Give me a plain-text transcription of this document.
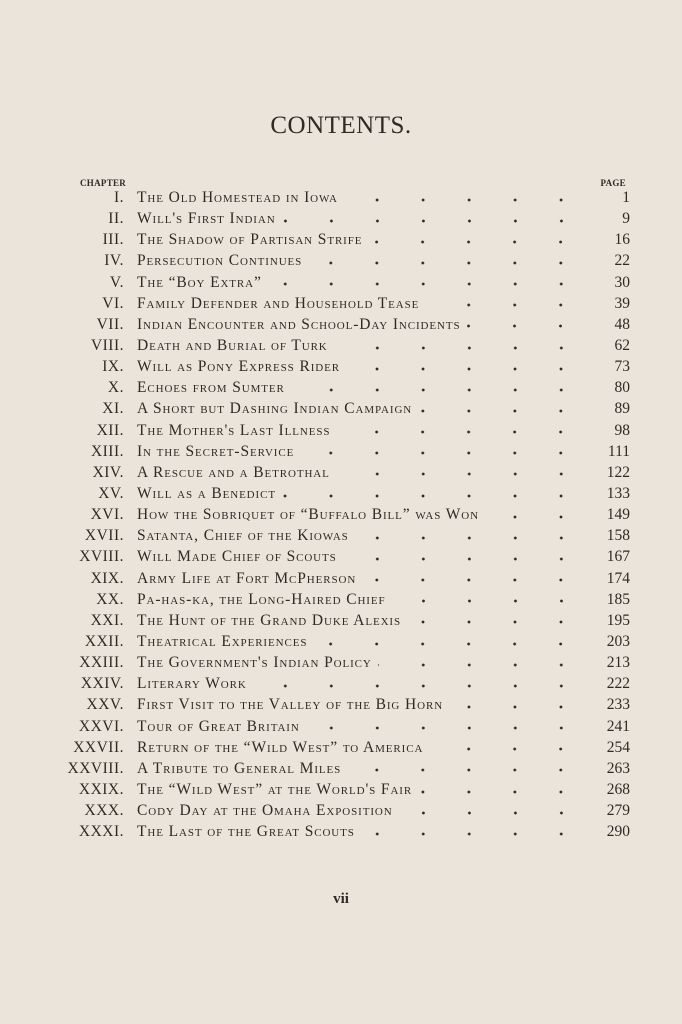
CONTENTS.
CHAPTER	PAGE
I. The Old Homestead in Iowa	1
II. Will's First Indian	9
III. The Shadow of Partisan Strife	16
IV. Persecution Continues	22
V. The “Boy Extra”	30
VI. Family Defender and Household Tease	39
VII. Indian Encounter and School-Day Incidents	48
VIII. Death and Burial of Turk	62
IX. Will as Pony Express Rider	73
X. Echoes from Sumter	80
XI. A Short but Dashing Indian Campaign	89
XII. The Mother's Last Illness	98
XIII. In the Secret-Service	111
XIV. A Rescue and a Betrothal	122
XV. Will as a Benedict	133
XVI. How the Sobriquet of “Buffalo Bill” was Won	149
XVII. Satanta, Chief of the Kiowas	158
XVIII. Will Made Chief of Scouts	167
XIX. Army Life at Fort McPherson	174
XX. Pa-has-ka, the Long-Haired Chief	185
XXI. The Hunt of the Grand Duke Alexis	195
XXII. Theatrical Experiences	203
XXIII. The Government's Indian Policy	213
XXIV. Literary Work	222
XXV. First Visit to the Valley of the Big Horn	233
XXVI. Tour of Great Britain	241
XXVII. Return of the “Wild West” to America	254
XXVIII. A Tribute to General Miles	263
XXIX. The “Wild West” at the World's Fair	268
XXX. Cody Day at the Omaha Exposition	279
XXXI. The Last of the Great Scouts	290
vii
